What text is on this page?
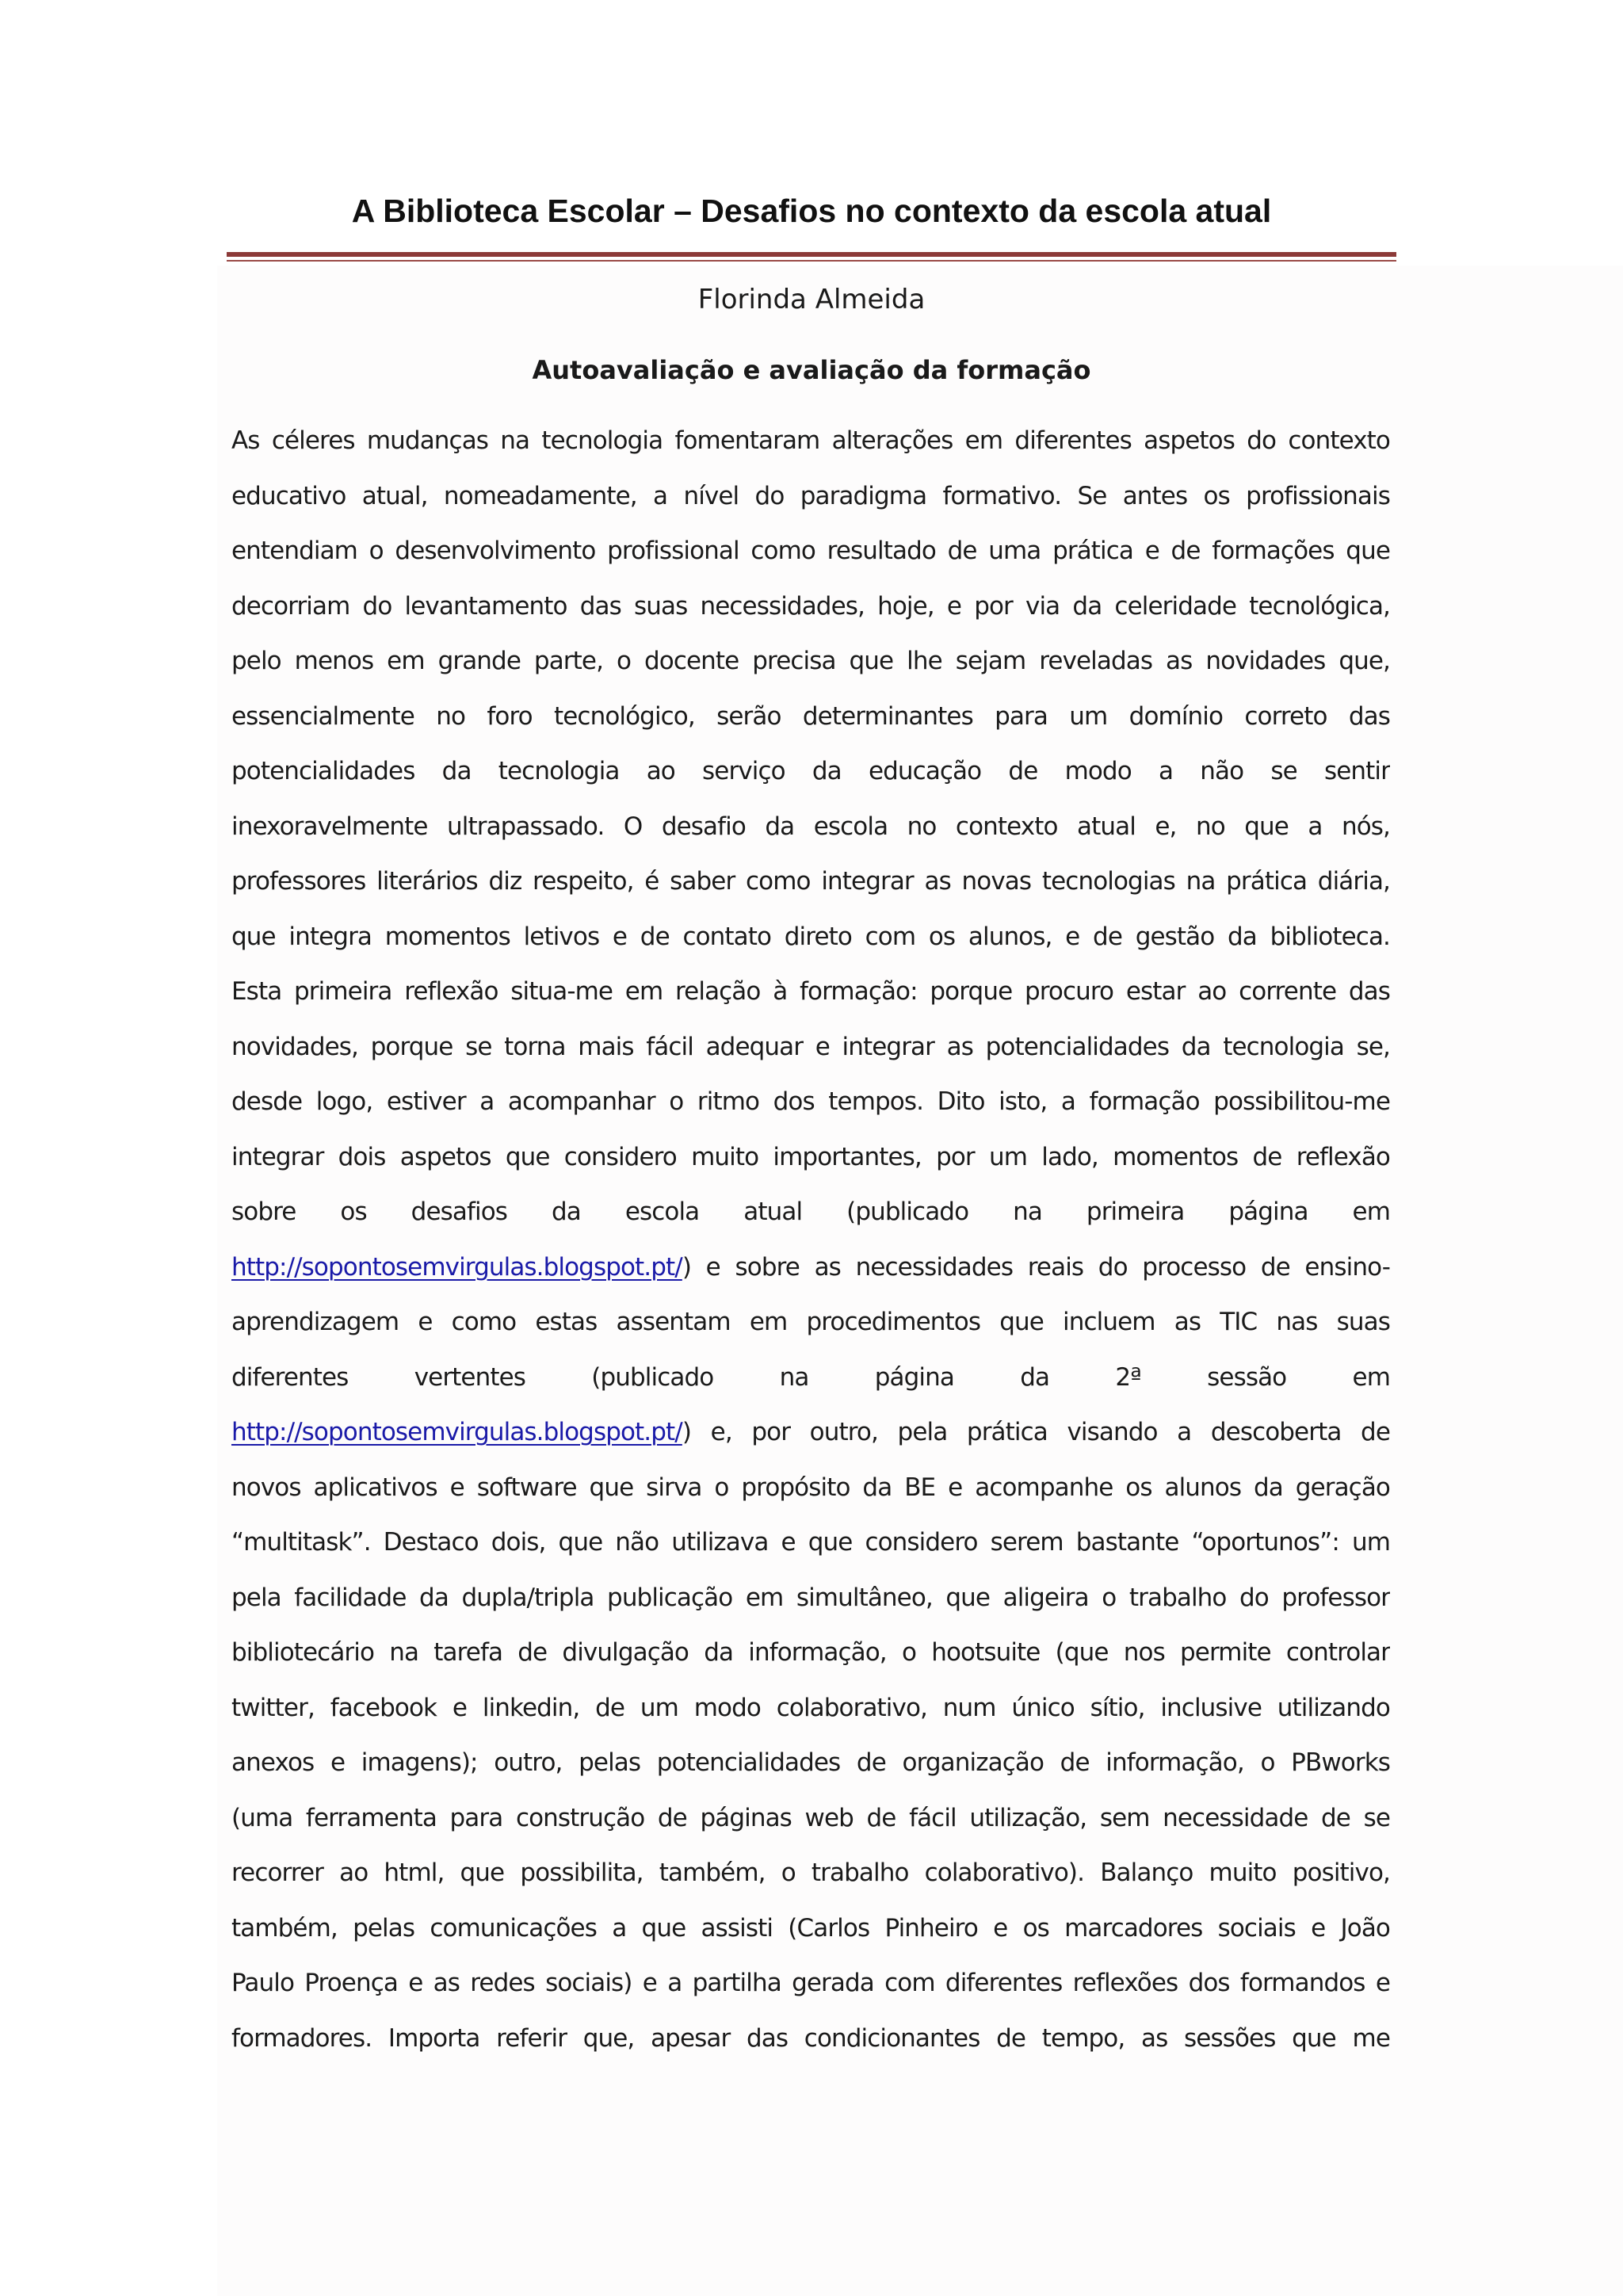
A Biblioteca Escolar – Desafios no contexto da escola atual
Florinda Almeida
Autoavaliação e avaliação da formação
As céleres mudanças na tecnologia fomentaram alterações em diferentes aspetos do contexto
educativo atual, nomeadamente, a nível do paradigma formativo. Se antes os profissionais
entendiam o desenvolvimento profissional como resultado de uma prática e de formações que
decorriam do levantamento das suas necessidades, hoje, e por via da celeridade tecnológica,
pelo menos em grande parte, o docente precisa que lhe sejam reveladas as novidades que,
essencialmente no foro tecnológico, serão determinantes para um domínio correto das
potencialidades da tecnologia ao serviço da educação de modo a não se sentir
inexoravelmente ultrapassado. O desafio da escola no contexto atual e, no que a nós,
professores literários diz respeito, é saber como integrar as novas tecnologias na prática diária,
que integra momentos letivos e de contato direto com os alunos, e de gestão da biblioteca.
Esta primeira reflexão situa-me em relação à formação: porque procuro estar ao corrente das
novidades, porque se torna mais fácil adequar e integrar as potencialidades da tecnologia se,
desde logo, estiver a acompanhar o ritmo dos tempos. Dito isto, a formação possibilitou-me
integrar dois aspetos que considero muito importantes, por um lado, momentos de reflexão
sobre os desafios da escola atual (publicado na primeira página em
http://sopontosemvirgulas.blogspot.pt/) e sobre as necessidades reais do processo de ensino-
aprendizagem e como estas assentam em procedimentos que incluem as TIC nas suas
diferentes vertentes (publicado na página da 2ª sessão em
http://sopontosemvirgulas.blogspot.pt/) e, por outro, pela prática visando a descoberta de
novos aplicativos e software que sirva o propósito da BE e acompanhe os alunos da geração
“multitask”. Destaco dois, que não utilizava e que considero serem bastante “oportunos”: um
pela facilidade da dupla/tripla publicação em simultâneo, que aligeira o trabalho do professor
bibliotecário na tarefa de divulgação da informação, o hootsuite (que nos permite controlar
twitter, facebook e linkedin, de um modo colaborativo, num único sítio, inclusive utilizando
anexos e imagens); outro, pelas potencialidades de organização de informação, o PBworks
(uma ferramenta para construção de páginas web de fácil utilização, sem necessidade de se
recorrer ao html, que possibilita, também, o trabalho colaborativo). Balanço muito positivo,
também, pelas comunicações a que assisti (Carlos Pinheiro e os marcadores sociais e João
Paulo Proença e as redes sociais) e a partilha gerada com diferentes reflexões dos formandos e
formadores. Importa referir que, apesar das condicionantes de tempo, as sessões que me
